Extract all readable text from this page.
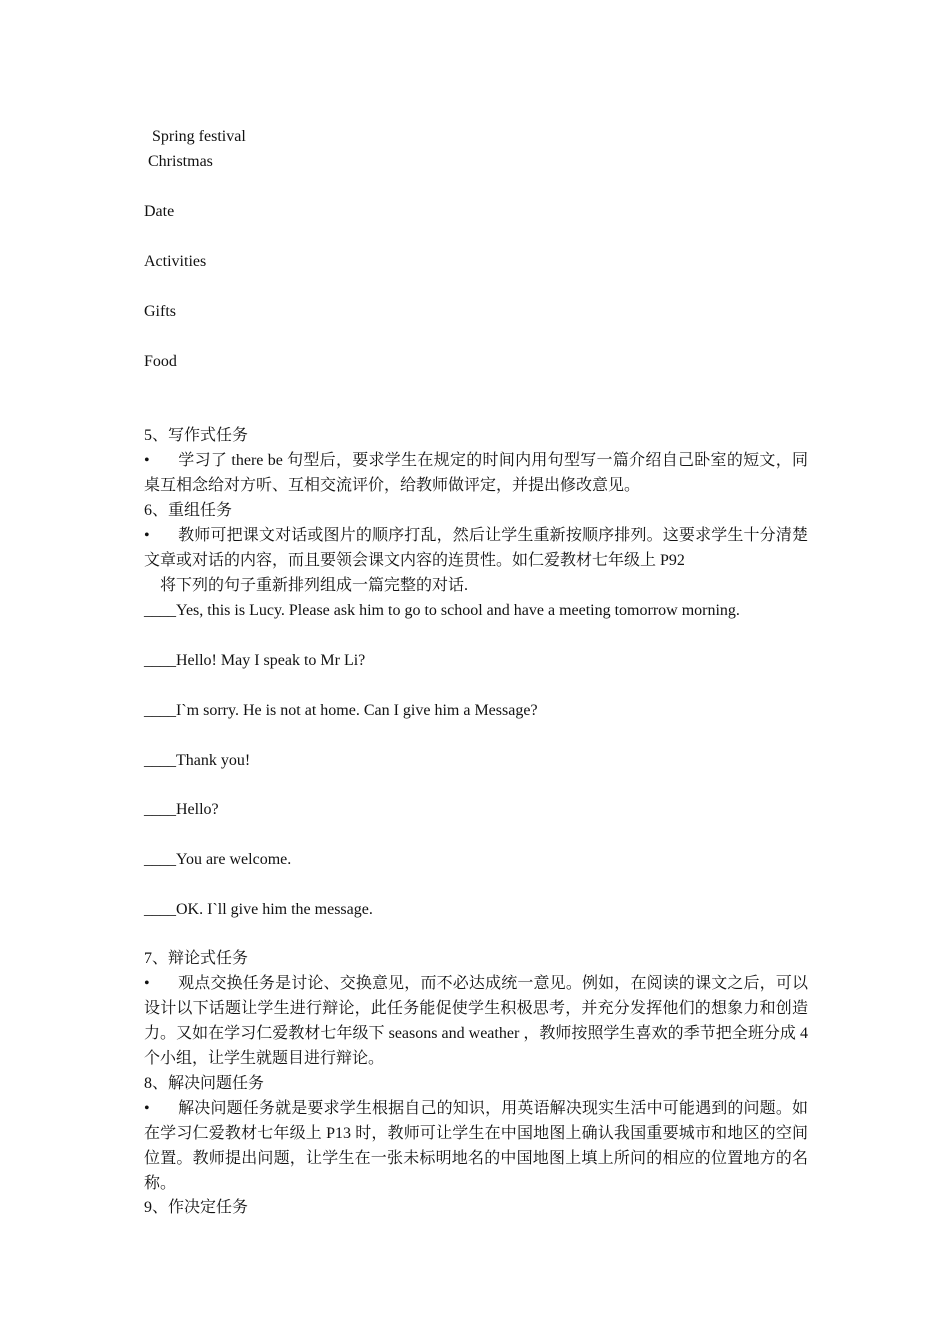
Spring festival
Christmas
Date
Activities
Gifts
Food
5、写作式任务
• 学习了 there be 句型后，要求学生在规定的时间内用句型写一篇介绍自己卧室的短文，同桌互相念给对方听、互相交流评价，给教师做评定，并提出修改意见。
6、重组任务
• 教师可把课文对话或图片的顺序打乱，然后让学生重新按顺序排列。这要求学生十分清楚文章或对话的内容，而且要领会课文内容的连贯性。如仁爱教材七年级上 P92
将下列的句子重新排列组成一篇完整的对话.
____Yes, this is Lucy. Please ask him to go to school and have a meeting tomorrow morning.
____Hello! May I speak to Mr Li?
____I`m sorry. He is not at home. Can I give him a Message?
____Thank you!
____Hello?
____You are welcome.
____OK. I`ll give him the message.
7、辩论式任务
• 观点交换任务是讨论、交换意见，而不必达成统一意见。例如，在阅读的课文之后，可以设计以下话题让学生进行辩论，此任务能促使学生积极思考，并充分发挥他们的想象力和创造力。又如在学习仁爱教材七年级下 seasons and weather ，教师按照学生喜欢的季节把全班分成 4 个小组，让学生就题目进行辩论。
8、解决问题任务
• 解决问题任务就是要求学生根据自己的知识，用英语解决现实生活中可能遇到的问题。如在学习仁爱教材七年级上 P13 时，教师可让学生在中国地图上确认我国重要城市和地区的空间位置。教师提出问题，让学生在一张未标明地名的中国地图上填上所问的相应的位置地方的名称。
9、作决定任务
